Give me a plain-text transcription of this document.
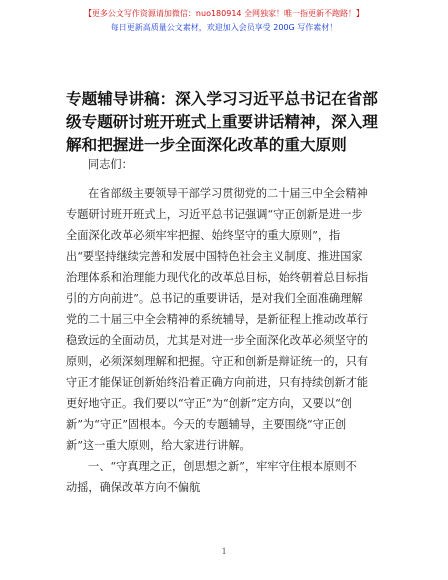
【更多公文写作资源请加微信：nuo180914 全网独家！唯一指更新不跑路！】
每日更新高质量公文素材，欢迎加入会员享受 200G 写作素材！
专题辅导讲稿：深入学习习近平总书记在省部
级专题研讨班开班式上重要讲话精神，深入理
解和把握进一步全面深化改革的重大原则
同志们：
在省部级主要领导干部学习贯彻党的二十届三中全会精神
专题研讨班开班式上，习近平总书记强调“守正创新是进一步
全面深化改革必须牢牢把握、始终坚守的重大原则”，指
出“要坚持继续完善和发展中国特色社会主义制度、推进国家
治理体系和治理能力现代化的改革总目标，始终朝着总目标指
引的方向前进”。总书记的重要讲话，是对我们全面准确理解
党的二十届三中全会精神的系统辅导，是新征程上推动改革行
稳致远的全面动员，尤其是对进一步全面深化改革必须坚守的
原则，必须深刻理解和把握。守正和创新是辩证统一的，只有
守正才能保证创新始终沿着正确方向前进，只有持续创新才能
更好地守正。我们要以“守正”为“创新”定方向，又要以“创
新”为“守正”固根本。今天的专题辅导，主要围绕“守正创
新”这一重大原则，给大家进行讲解。
一、“守真理之正，创思想之新”，牢牢守住根本原则不
动摇，确保改革方向不偏航
1
